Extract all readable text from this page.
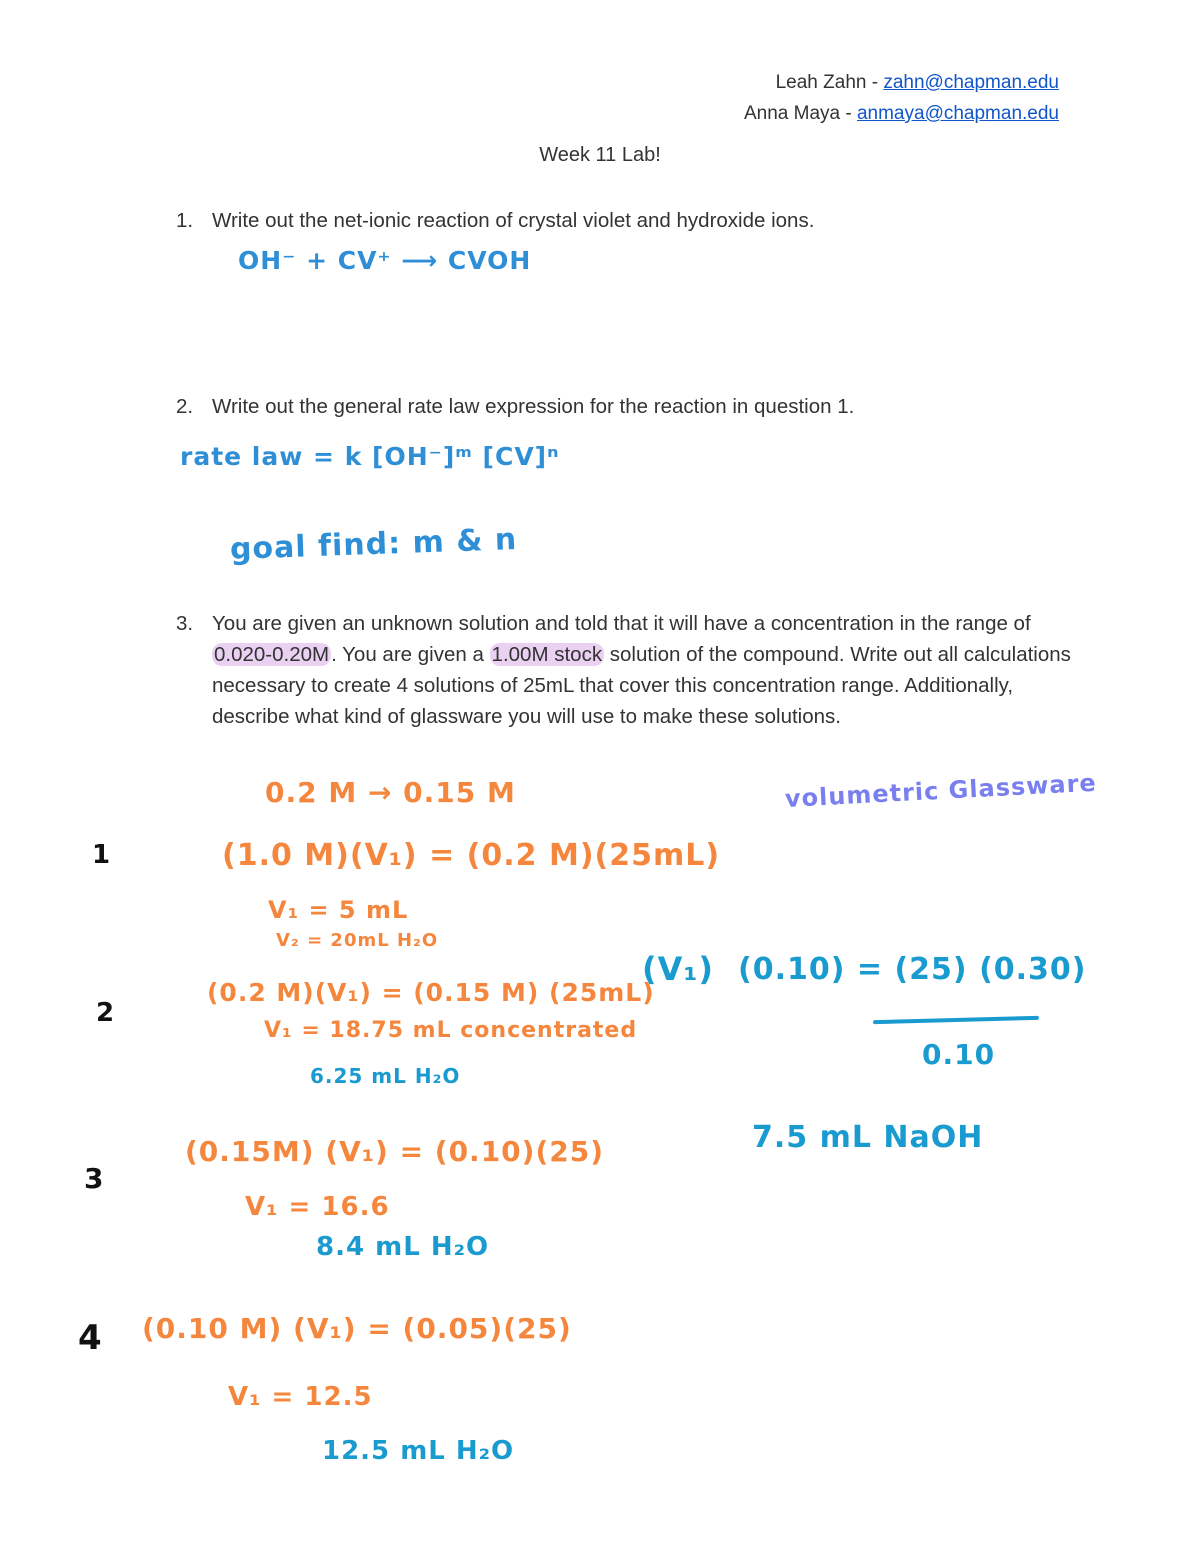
Leah Zahn - zahn@chapman.edu
Anna Maya - anmaya@chapman.edu
Week 11 Lab!
1. Write out the net-ionic reaction of crystal violet and hydroxide ions.
OH⁻ + CV⁺ ⟶ CVOH
2. Write out the general rate law expression for the reaction in question 1.
rate law = k [OH⁻]ᵐ [CV]ⁿ
goal find: m & n
3. You are given an unknown solution and told that it will have a concentration in the range of 0.020-0.20M. You are given a 1.00M stock solution of the compound. Write out all calculations necessary to create 4 solutions of 25mL that cover this concentration range. Additionally, describe what kind of glassware you will use to make these solutions.
0.2 M → 0.15 M	volumetric Glassware
1	(1.0 M)(V₁) = (0.2 M)(25mL)
V₁ = 5 mL
V₂ = 20mL H₂O
2
(0.2 M)(V₁) = (0.15 M) (25mL)
V₁ = 18.75 mL concentrated
6.25 mL H₂O
3
(0.15M) (V₁) = (0.10)(25)
V₁ = 16.6
8.4 mL H₂O
4 (0.10 M) (V₁) = (0.05)(25)
V₁ = 12.5
12.5 mL H₂O
(V₁) (0.10) = (25) (0.30)
0.10
7.5 mL NaOH
